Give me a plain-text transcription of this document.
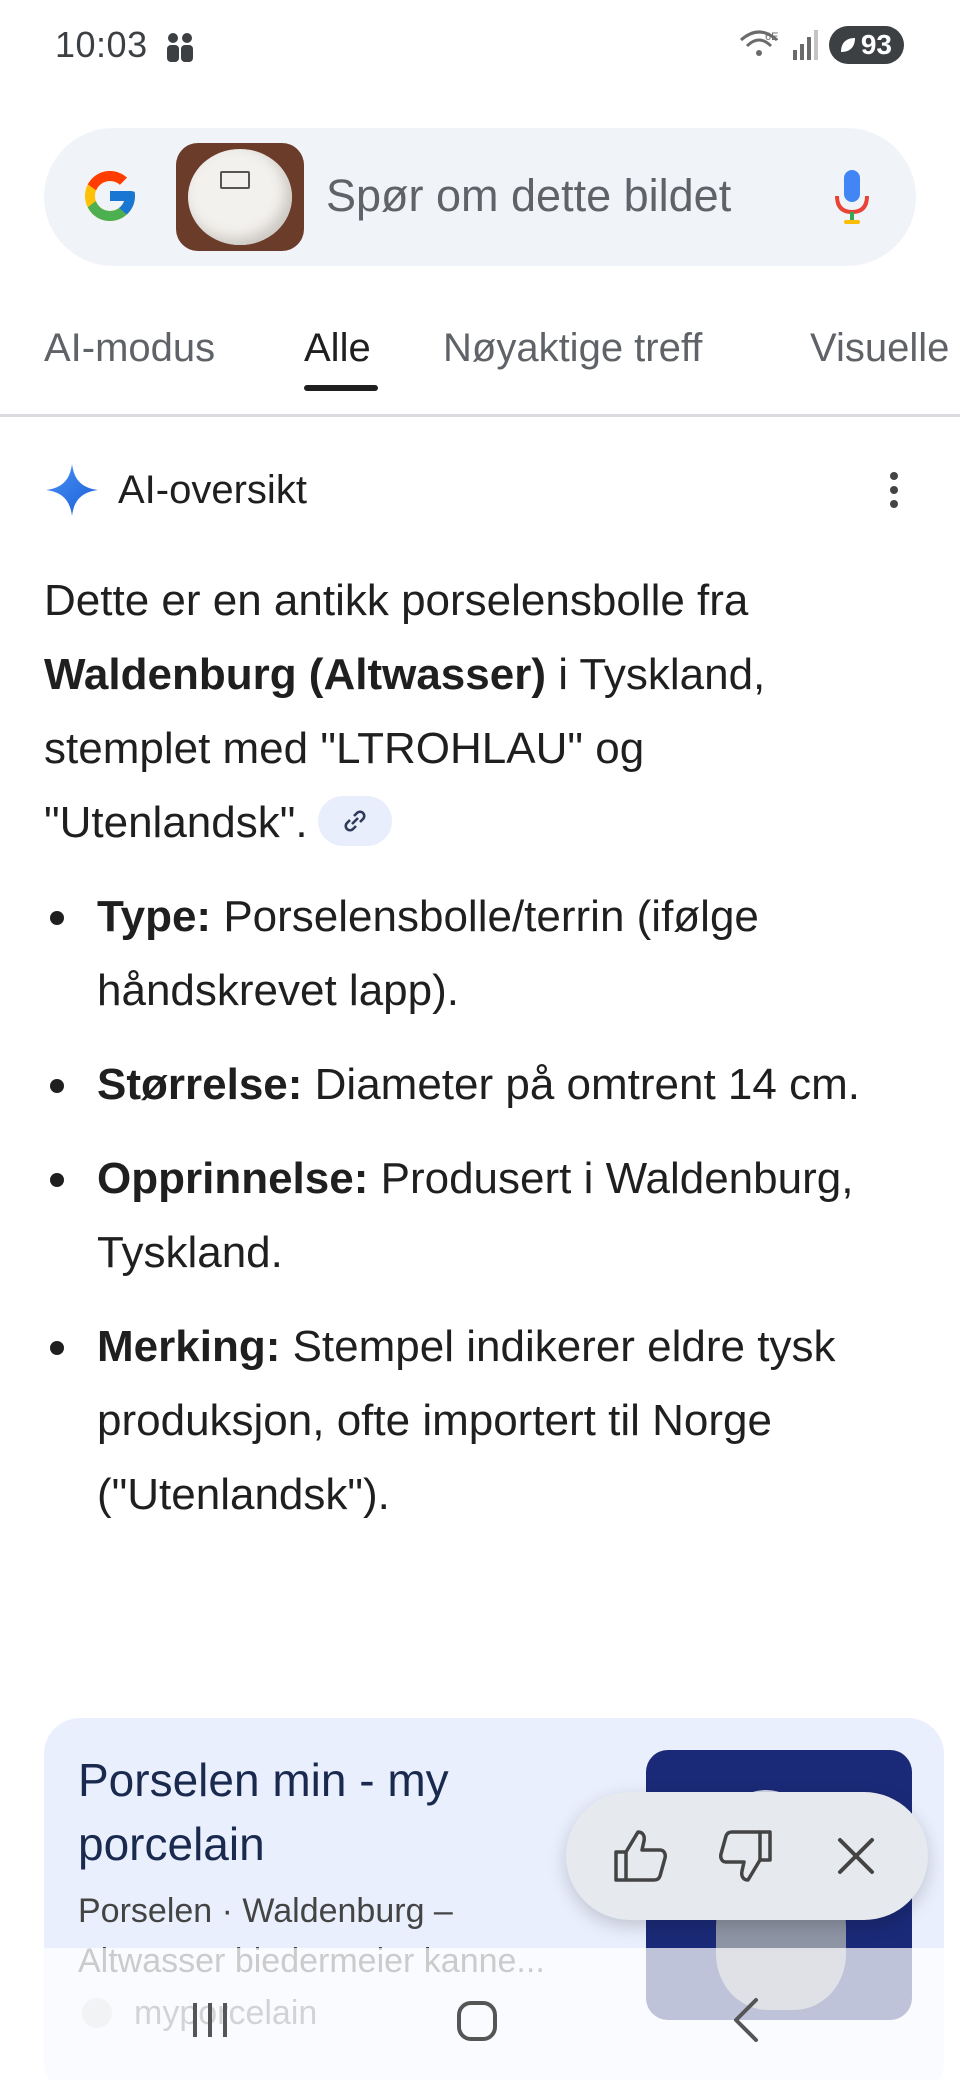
10:03	6E	93
Spør om dette bildet
AI-modus Alle Nøyaktige treff	Visuelle
AI-oversikt
Dette er en antikk porselensbolle fra Waldenburg (Altwasser) i Tyskland, stemplet med "LTROHLAU" og "Utenlandsk".
Type: Porselensbolle/terrin (ifølge håndskrevet lapp).
Størrelse: Diameter på omtrent 14 cm.
Opprinnelse: Produsert i Waldenburg, Tyskland.
Merking: Stempel indikerer eldre tysk produksjon, ofte importert til Norge ("Utenlandsk").
Porselen min - my porcelain
Porselen · Waldenburg –
